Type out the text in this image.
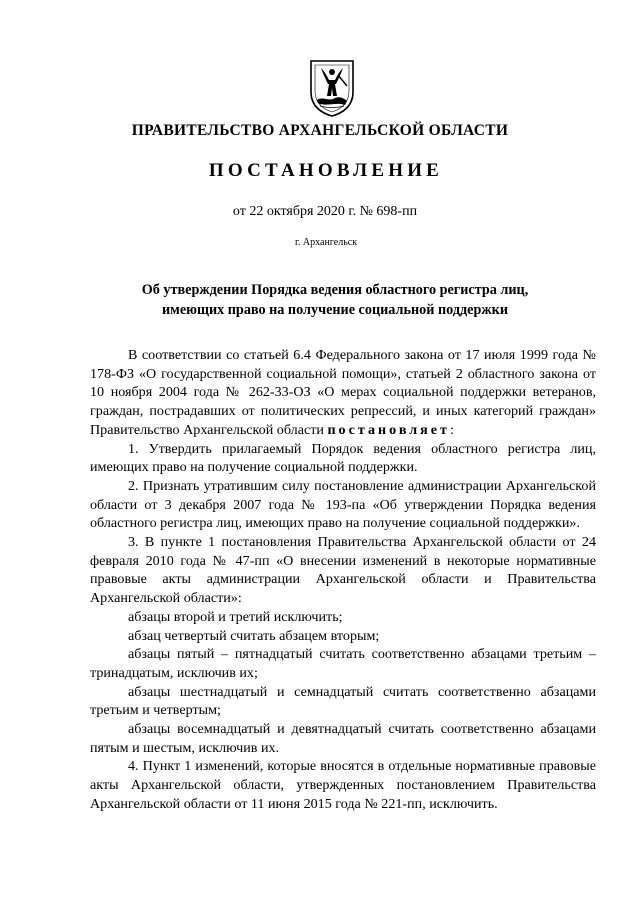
ПРАВИТЕЛЬСТВО АРХАНГЕЛЬСКОЙ ОБЛАСТИ
ПОСТАНОВЛЕНИЕ
от 22 октября 2020 г. № 698-пп
г. Архангельск
Об утверждении Порядка ведения областного регистра лиц,
имеющих право на получение социальной поддержки

В соответствии со статьей 6.4 Федерального закона от 17 июля 1999 года № 178-ФЗ «О государственной социальной помощи», статьей 2 областного закона от 10 ноября 2004 года № 262-33-ОЗ «О мерах социальной поддержки ветеранов, граждан, пострадавших от политических репрессий, и иных категорий граждан» Правительство Архангельской области постановляет:

1. Утвердить прилагаемый Порядок ведения областного регистра лиц, имеющих право на получение социальной поддержки.

2. Признать утратившим силу постановление администрации Архангельской области от 3 декабря 2007 года № 193-па «Об утверждении Порядка ведения областного регистра лиц, имеющих право на получение социальной поддержки».

3. В пункте 1 постановления Правительства Архангельской области от 24 февраля 2010 года № 47-пп «О внесении изменений в некоторые нормативные правовые акты администрации Архангельской области и Правительства Архангельской области»:

абзацы второй и третий исключить;

абзац четвертый считать абзацем вторым;

абзацы пятый – пятнадцатый считать соответственно абзацами третьим – тринадцатым, исключив их;

абзацы шестнадцатый и семнадцатый считать соответственно абзацами третьим и четвертым;

абзацы восемнадцатый и девятнадцатый считать соответственно абзацами пятым и шестым, исключив их.

4. Пункт 1 изменений, которые вносятся в отдельные нормативные правовые акты Архангельской области, утвержденных постановлением Правительства Архангельской области от 11 июня 2015 года № 221-пп, исключить.
